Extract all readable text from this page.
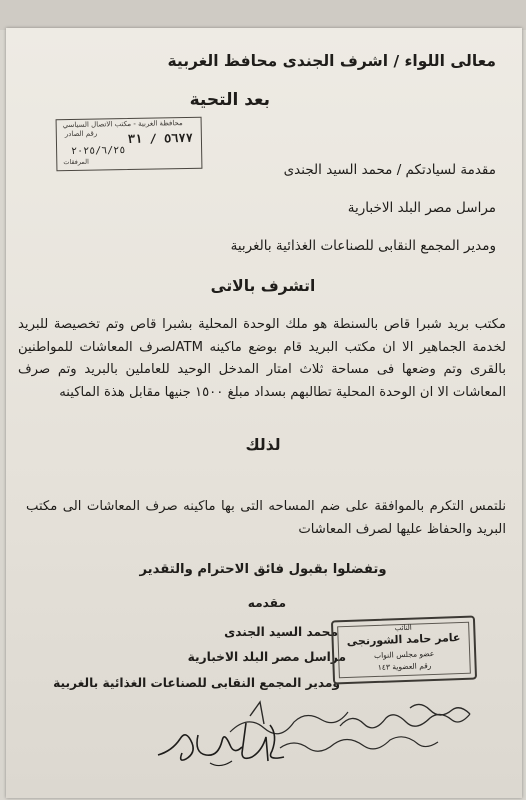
معالى اللواء / اشرف الجندى محافظ الغربية
بعد التحية
محافظة الغربية - مكتب الاتصال السياسي
رقم الصادر	٥٦٧٧ / ٣١
٢٠٢٥/٦/٢٥
المرفقات
مقدمة لسيادتكم / محمد السيد الجندى
مراسل مصر البلد الاخبارية
ومدير المجمع النقابى للصناعات الغذائية بالغربية
اتشرف بالاتى
مكتب بريد شبرا قاص بالسنطة هو ملك الوحدة المحلية بشبرا قاص وتم تخصيصة للبريد لخدمة الجماهير الا ان مكتب البريد قام بوضع ماكينه ATMلصرف المعاشات للمواطنين بالقرى وتم وضعها فى مساحة ثلاث امتار المدخل الوحيد للعاملين بالبريد وتم صرف المعاشات الا ان الوحدة المحلية تطالبهم بسداد مبلغ ١٥٠٠ جنيها مقابل هذة الماكينه
لذلك
نلتمس التكرم بالموافقة على ضم المساحه التى بها ماكينه صرف المعاشات الى مكتب البريد والحفاظ عليها لصرف المعاشات
وتفضلوا بقبول فائق الاحترام والتقدير
مقدمه
محمد السيد الجندى
مراسل مصر البلد الاخبارية
ومدير المجمع النقابى للصناعات الغذائية بالغربية
النائب
عامر حامد الشورنجى
عضو مجلس النواب
رقم العضوية ١٤٣
